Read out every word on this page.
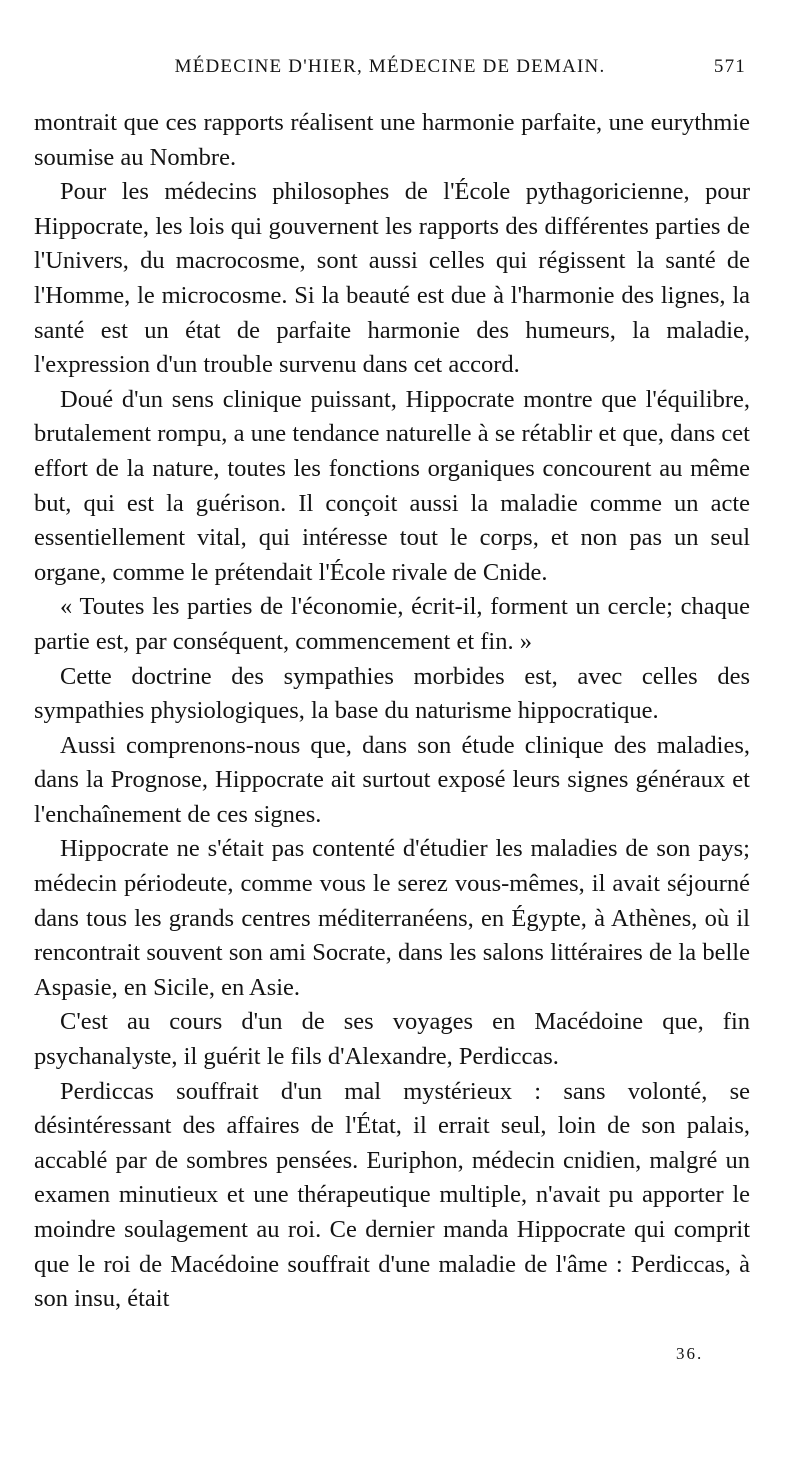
MÉDECINE D'HIER, MÉDECINE DE DEMAIN.	571

montrait que ces rapports réalisent une harmonie parfaite, une eurythmie soumise au Nombre.

Pour les médecins philosophes de l'École pythagoricienne, pour Hippocrate, les lois qui gouvernent les rapports des différentes parties de l'Univers, du macrocosme, sont aussi celles qui régissent la santé de l'Homme, le microcosme. Si la beauté est due à l'harmonie des lignes, la santé est un état de parfaite harmonie des humeurs, la maladie, l'expression d'un trouble survenu dans cet accord.

Doué d'un sens clinique puissant, Hippocrate montre que l'équilibre, brutalement rompu, a une tendance naturelle à se rétablir et que, dans cet effort de la nature, toutes les fonctions organiques concourent au même but, qui est la guérison. Il conçoit aussi la maladie comme un acte essentiellement vital, qui intéresse tout le corps, et non pas un seul organe, comme le prétendait l'École rivale de Cnide.

« Toutes les parties de l'économie, écrit-il, forment un cercle; chaque partie est, par conséquent, commencement et fin. »

Cette doctrine des sympathies morbides est, avec celles des sympathies physiologiques, la base du naturisme hippocratique.

Aussi comprenons-nous que, dans son étude clinique des maladies, dans la Prognose, Hippocrate ait surtout exposé leurs signes généraux et l'enchaînement de ces signes.

Hippocrate ne s'était pas contenté d'étudier les maladies de son pays; médecin périodeute, comme vous le serez vous-mêmes, il avait séjourné dans tous les grands centres méditerranéens, en Égypte, à Athènes, où il rencontrait souvent son ami Socrate, dans les salons littéraires de la belle Aspasie, en Sicile, en Asie.

C'est au cours d'un de ses voyages en Macédoine que, fin psychanalyste, il guérit le fils d'Alexandre, Perdiccas.

Perdiccas souffrait d'un mal mystérieux : sans volonté, se désintéressant des affaires de l'État, il errait seul, loin de son palais, accablé par de sombres pensées. Euriphon, médecin cnidien, malgré un examen minutieux et une thérapeutique multiple, n'avait pu apporter le moindre soulagement au roi. Ce dernier manda Hippocrate qui comprit que le roi de Macédoine souffrait d'une maladie de l'âme : Perdiccas, à son insu, était

36.
